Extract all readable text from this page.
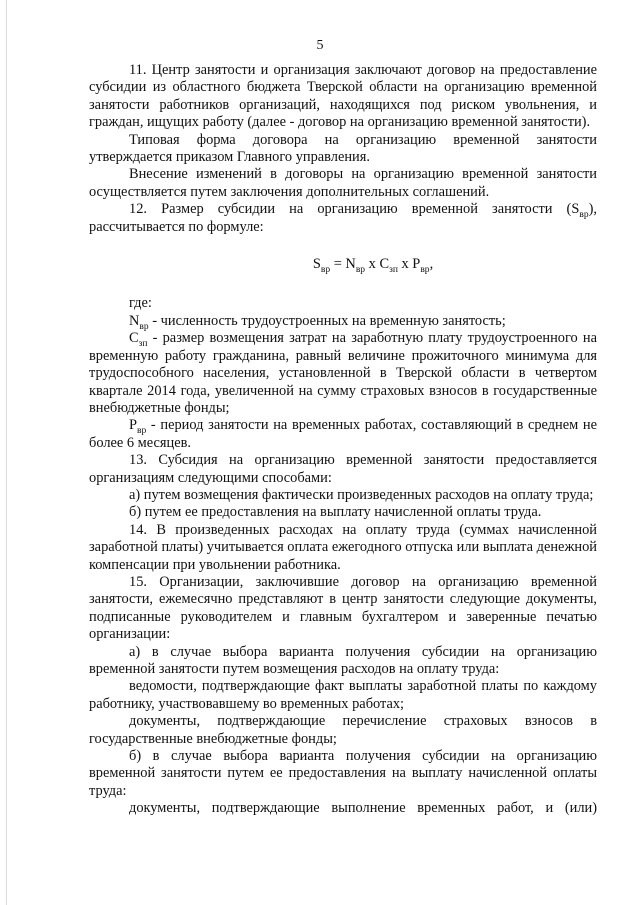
5

11. Центр занятости и организация заключают договор на предоставление субсидии из областного бюджета Тверской области на организацию временной занятости работников организаций, находящихся под риском увольнения, и граждан, ищущих работу (далее - договор на организацию временной занятости).

Типовая форма договора на организацию временной занятости утверждается приказом Главного управления.

Внесение изменений в договоры на организацию временной занятости осуществляется путем заключения дополнительных соглашений.

12. Размер субсидии на организацию временной занятости $(S_{вр})$, рассчитывается по формуле:

$S_{вр} = N_{вр}$ x $C_{зп}$ x $P_{вр}$,

где:

$N_{вр}$ - численность трудоустроенных на временную занятость;

$C_{зп}$ - размер возмещения затрат на заработную плату трудоустроенного на временную работу гражданина, равный величине прожиточного минимума для трудоспособного населения, установленной в Тверской области в четвертом квартале 2014 года, увеличенной на сумму страховых взносов в государственные внебюджетные фонды;

$P_{вр}$ - период занятости на временных работах, составляющий в среднем не более 6 месяцев.

13. Субсидия на организацию временной занятости предоставляется организациям следующими способами:

а) путем возмещения фактически произведенных расходов на оплату труда;

б) путем ее предоставления на выплату начисленной оплаты труда.

14. В произведенных расходах на оплату труда (суммах начисленной заработной платы) учитывается оплата ежегодного отпуска или выплата денежной компенсации при увольнении работника.

15. Организации, заключившие договор на организацию временной занятости, ежемесячно представляют в центр занятости следующие документы, подписанные руководителем и главным бухгалтером и заверенные печатью организации:

а) в случае выбора варианта получения субсидии на организацию временной занятости путем возмещения расходов на оплату труда:

ведомости, подтверждающие факт выплаты заработной платы по каждому работнику, участвовавшему во временных работах;

документы, подтверждающие перечисление страховых взносов в государственные внебюджетные фонды;

б) в случае выбора варианта получения субсидии на организацию временной занятости путем ее предоставления на выплату начисленной оплаты труда:

документы, подтверждающие выполнение временных работ, и (или)
